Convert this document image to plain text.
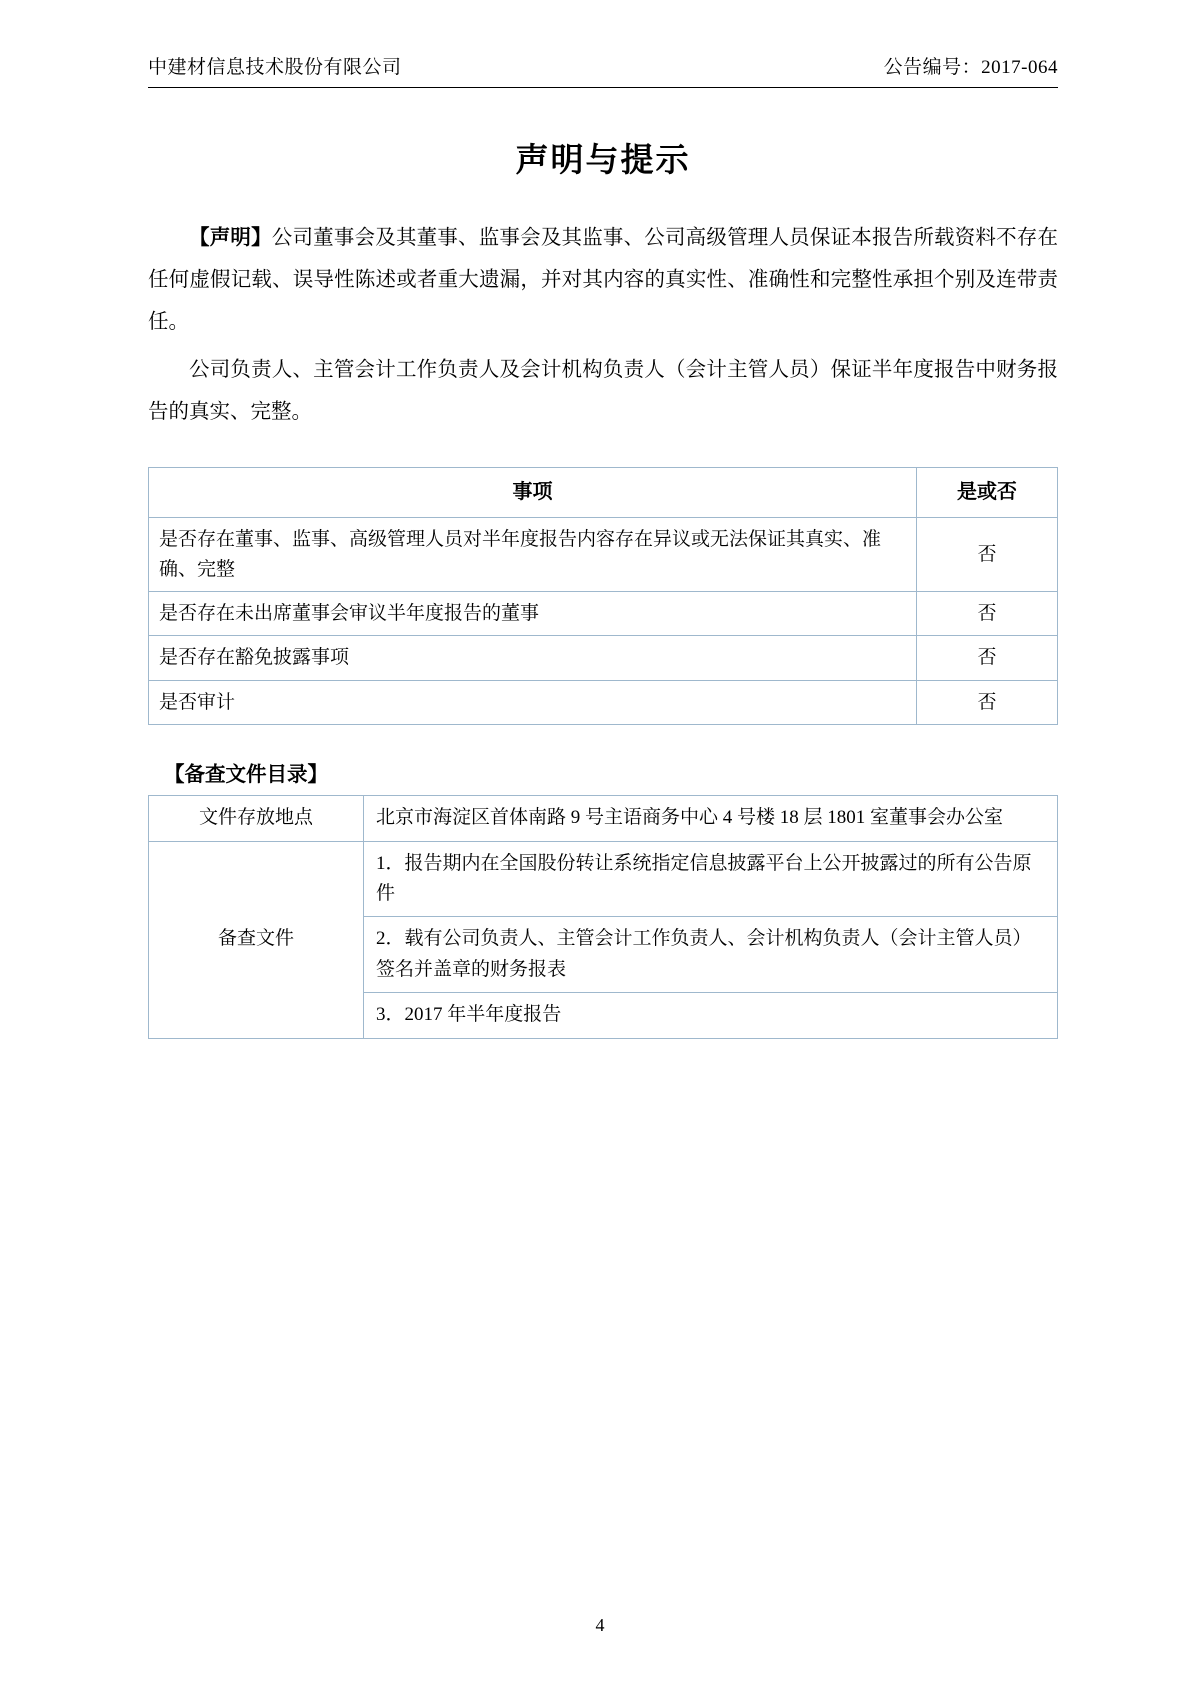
中建材信息技术股份有限公司	公告编号：2017-064
声明与提示

【声明】公司董事会及其董事、监事会及其监事、公司高级管理人员保证本报告所载资料不存在任何虚假记载、误导性陈述或者重大遗漏，并对其内容的真实性、准确性和完整性承担个别及连带责任。

公司负责人、主管会计工作负责人及会计机构负责人（会计主管人员）保证半年度报告中财务报告的真实、完整。

事项	是或否
是否存在董事、监事、高级管理人员对半年度报告内容存在异议或无法保证其真实、准确、完整	否
是否存在未出席董事会审议半年度报告的董事	否
是否存在豁免披露事项	否
是否审计	否
【备查文件目录】
文件存放地点	北京市海淀区首体南路 9 号主语商务中心 4 号楼 18 层 1801 室董事会办公室
备查文件	1．报告期内在全国股份转让系统指定信息披露平台上公开披露过的所有公告原件
	2．载有公司负责人、主管会计工作负责人、会计机构负责人（会计主管人员）签名并盖章的财务报表
	3．2017 年半年度报告
4
